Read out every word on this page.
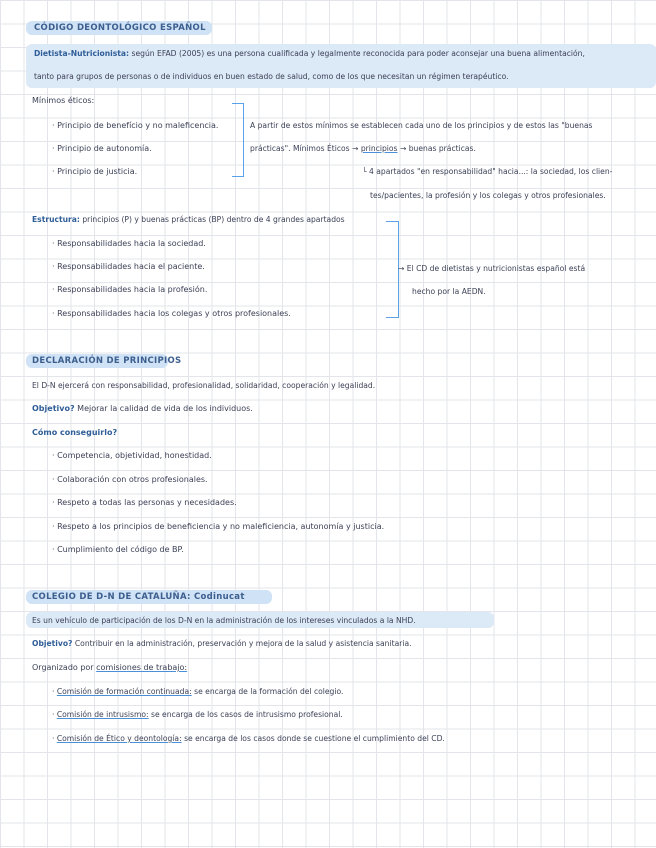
CÓDIGO DEONTOLÓGICO ESPAÑOL
Dietista-Nutricionista: según EFAD (2005) es una persona cualificada y legalmente reconocida para poder aconsejar una buena alimentación,
tanto para grupos de personas o de individuos en buen estado de salud, como de los que necesitan un régimen terapéutico.
Mínimos éticos:
· Principio de benefício y no maleficencia.
· Principio de autonomía.
· Principio de justicia.
A partir de estos mínimos se establecen cada uno de los principios y de estos las "buenas
prácticas". Mínimos Éticos → principios → buenas prácticas.
└ 4 apartados "en responsabilidad" hacia...: la sociedad, los clien-
tes/pacientes, la profesión y los colegas y otros profesionales.
Estructura: principios (P) y buenas prácticas (BP) dentro de 4 grandes apartados
· Responsabilidades hacia la sociedad.
· Responsabilidades hacia el paciente.
· Responsabilidades hacia la profesión.
· Responsabilidades hacia los colegas y otros profesionales.
→ El CD de dietistas y nutricionistas español está
hecho por la AEDN.
DECLARACIÓN DE PRINCIPIOS
El D-N ejercerá con responsabilidad, profesionalidad, solidaridad, cooperación y legalidad.
Objetivo? Mejorar la calidad de vida de los individuos.
Cómo conseguirlo?
· Competencia, objetividad, honestidad.
· Colaboración con otros profesionales.
· Respeto a todas las personas y necesidades.
· Respeto a los principios de beneficiencia y no maleficiencia, autonomía y justicia.
· Cumplimiento del código de BP.
COLEGIO DE D-N DE CATALUÑA: Codinucat
Es un vehículo de participación de los D-N en la administración de los intereses vinculados a la NHD.
Objetivo? Contribuir en la administración, preservación y mejora de la salud y asistencia sanitaria.
Organizado por comisiones de trabajo:
· Comisión de formación continuada: se encarga de la formación del colegio.
· Comisión de intrusismo: se encarga de los casos de intrusismo profesional.
· Comisión de Ético y deontología: se encarga de los casos donde se cuestione el cumplimiento del CD.
